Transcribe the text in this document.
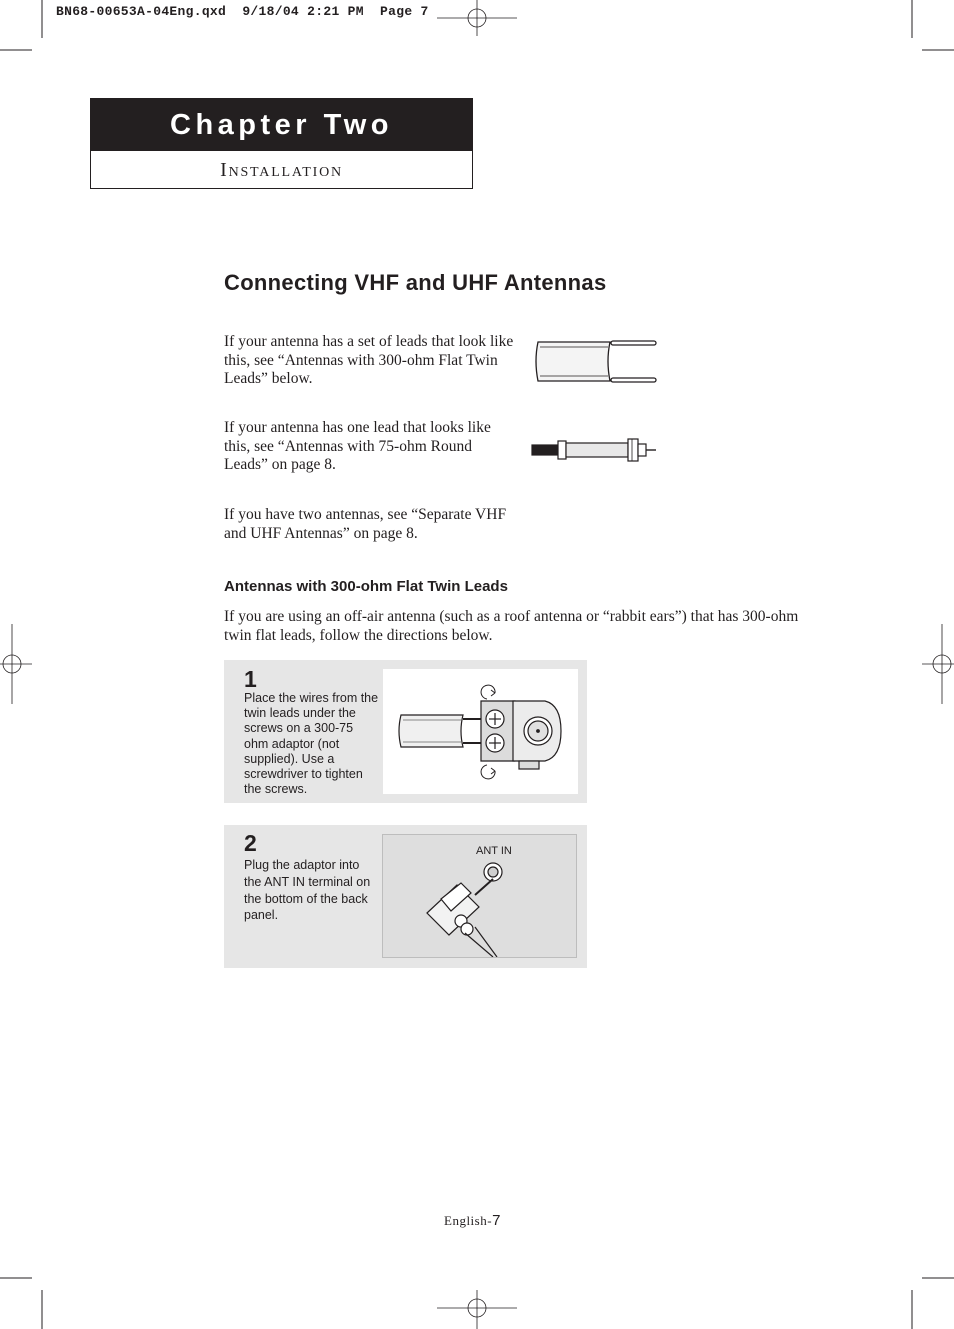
BN68-00653A-04Eng.qxd  9/18/04 2:21 PM  Page 7
Chapter Two
INSTALLATION
Connecting VHF and UHF Antennas
If your antenna has a set of leads that look like this, see “Antennas with 300-ohm Flat Twin Leads” below.
If your antenna has one lead that looks like this, see “Antennas with 75-ohm Round Leads” on page 8.
If you have two antennas, see “Separate VHF and UHF Antennas” on page 8.
Antennas with 300-ohm Flat Twin Leads
If you are using an off-air antenna (such as a roof antenna or “rabbit ears”) that has 300-ohm twin flat leads, follow the directions below.
1
Place the wires from the twin leads under the screws on a 300-75 ohm adaptor (not supplied). Use a screwdriver to tighten the screws.
2
Plug the adaptor into the ANT IN terminal on the bottom of the back panel.
ANT IN
English-7
